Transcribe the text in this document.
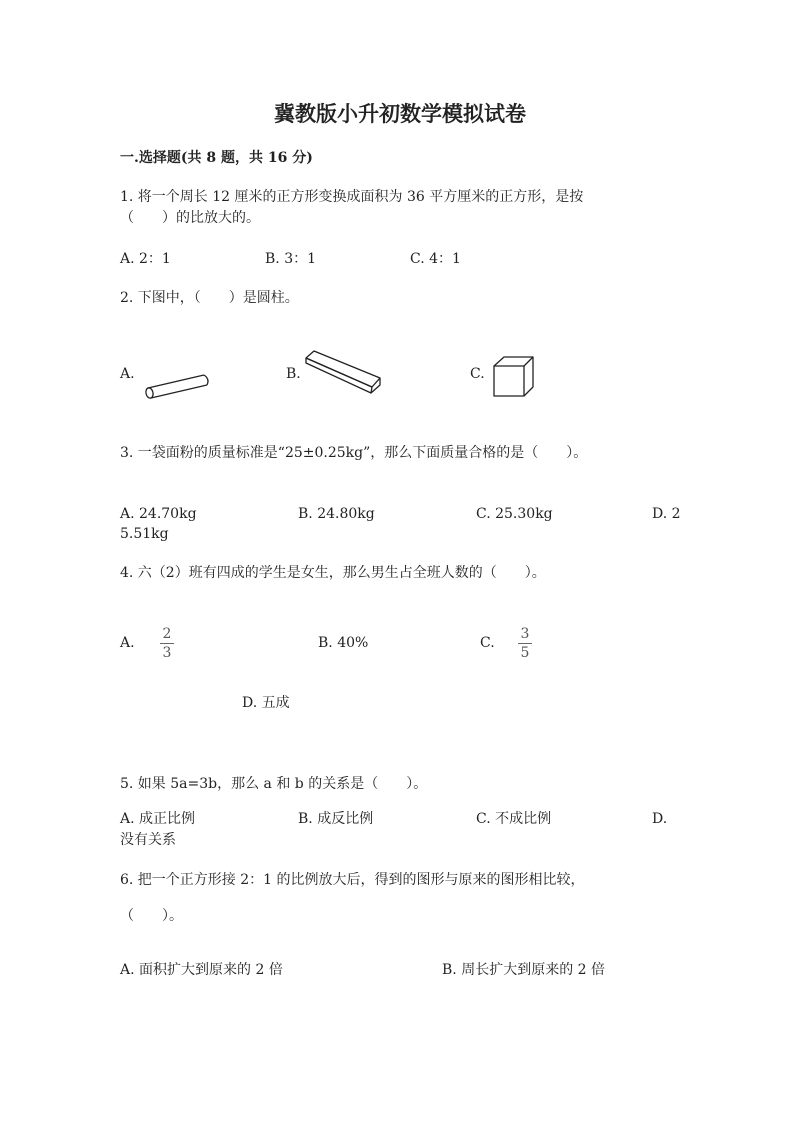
冀教版小升初数学模拟试卷
一.选择题(共 8 题，共 16 分)
1. 将一个周长 12 厘米的正方形变换成面积为 36 平方厘米的正方形，是按
（　　）的比放大的。
A. 2：1	B. 3：1	C. 4：1
2. 下图中，（　　）是圆柱。
A.	B.	C.
3. 一袋面粉的质量标准是“25±0.25kg”，那么下面质量合格的是（　　）。
A. 24.70kg	B. 24.80kg	C. 25.30kg	D. 2
5.51kg
4. 六（2）班有四成的学生是女生，那么男生占全班人数的（　　）。
A.
2
3
B. 40%	C.
3
5
D. 五成
5. 如果 5a=3b，那么 a 和 b 的关系是（　　）。
A. 成正比例	B. 成反比例	C. 不成比例	D.
没有关系
6. 把一个正方形接 2：1 的比例放大后，得到的图形与原来的图形相比较，
（　　）。
A. 面积扩大到原来的 2 倍	B. 周长扩大到原来的 2 倍
